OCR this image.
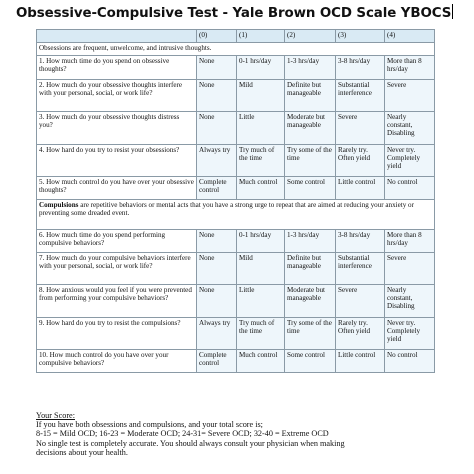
Obsessive-Compulsive Test - Yale Brown OCD Scale YBOCS
	(0)	(1)	(2)	(3)	(4)
Obsessions are frequent, unwelcome, and intrusive thoughts.					
1. How much time do you spend on obsessive thoughts?	None	0-1 hrs/day	1-3 hrs/day	3-8 hrs/day	More than 8 hrs/day
2. How much do your obsessive thoughts interfere with your personal, social, or work life?	None	Mild	Definite but manageable	Substantial interference	Severe
3. How much do your obsessive thoughts distress you?	None	Little	Moderate but manageable	Severe	Nearly constant, Disabling
4. How hard do you try to resist your obsessions?	Always try	Try much of the time	Try some of the time	Rarely try. Often yield	Never try. Completely yield
5. How much control do you have over your obsessive thoughts?	Complete control	Much control	Some control	Little control	No control
Compulsions are repetitive behaviors or mental acts that you have a strong urge to repeat that are aimed at reducing your anxiety or preventing some dreaded event.					
6. How much time do you spend performing compulsive behaviors?	None	0-1 hrs/day	1-3 hrs/day	3-8 hrs/day	More than 8 hrs/day
7. How much do your compulsive behaviors interfere with your personal, social, or work life?	None	Mild	Definite but manageable	Substantial interference	Severe
8. How anxious would you feel if you were prevented from performing your compulsive behaviors?	None	Little	Moderate but manageable	Severe	Nearly constant, Disabling
9. How hard do you try to resist the compulsions?	Always try	Try much of the time	Try some of the time	Rarely try. Often yield	Never try. Completely yield
10. How much control do you have over your compulsive behaviors?	Complete control	Much control	Some control	Little control	No control
Your Score:
If you have both obsessions and compulsions, and your total score is;
8-15 = Mild OCD; 16-23 = Moderate OCD; 24-31= Severe OCD; 32-40 = Extreme OCD
No single test is completely accurate. You should always consult your physician when making
decisions about your health.
